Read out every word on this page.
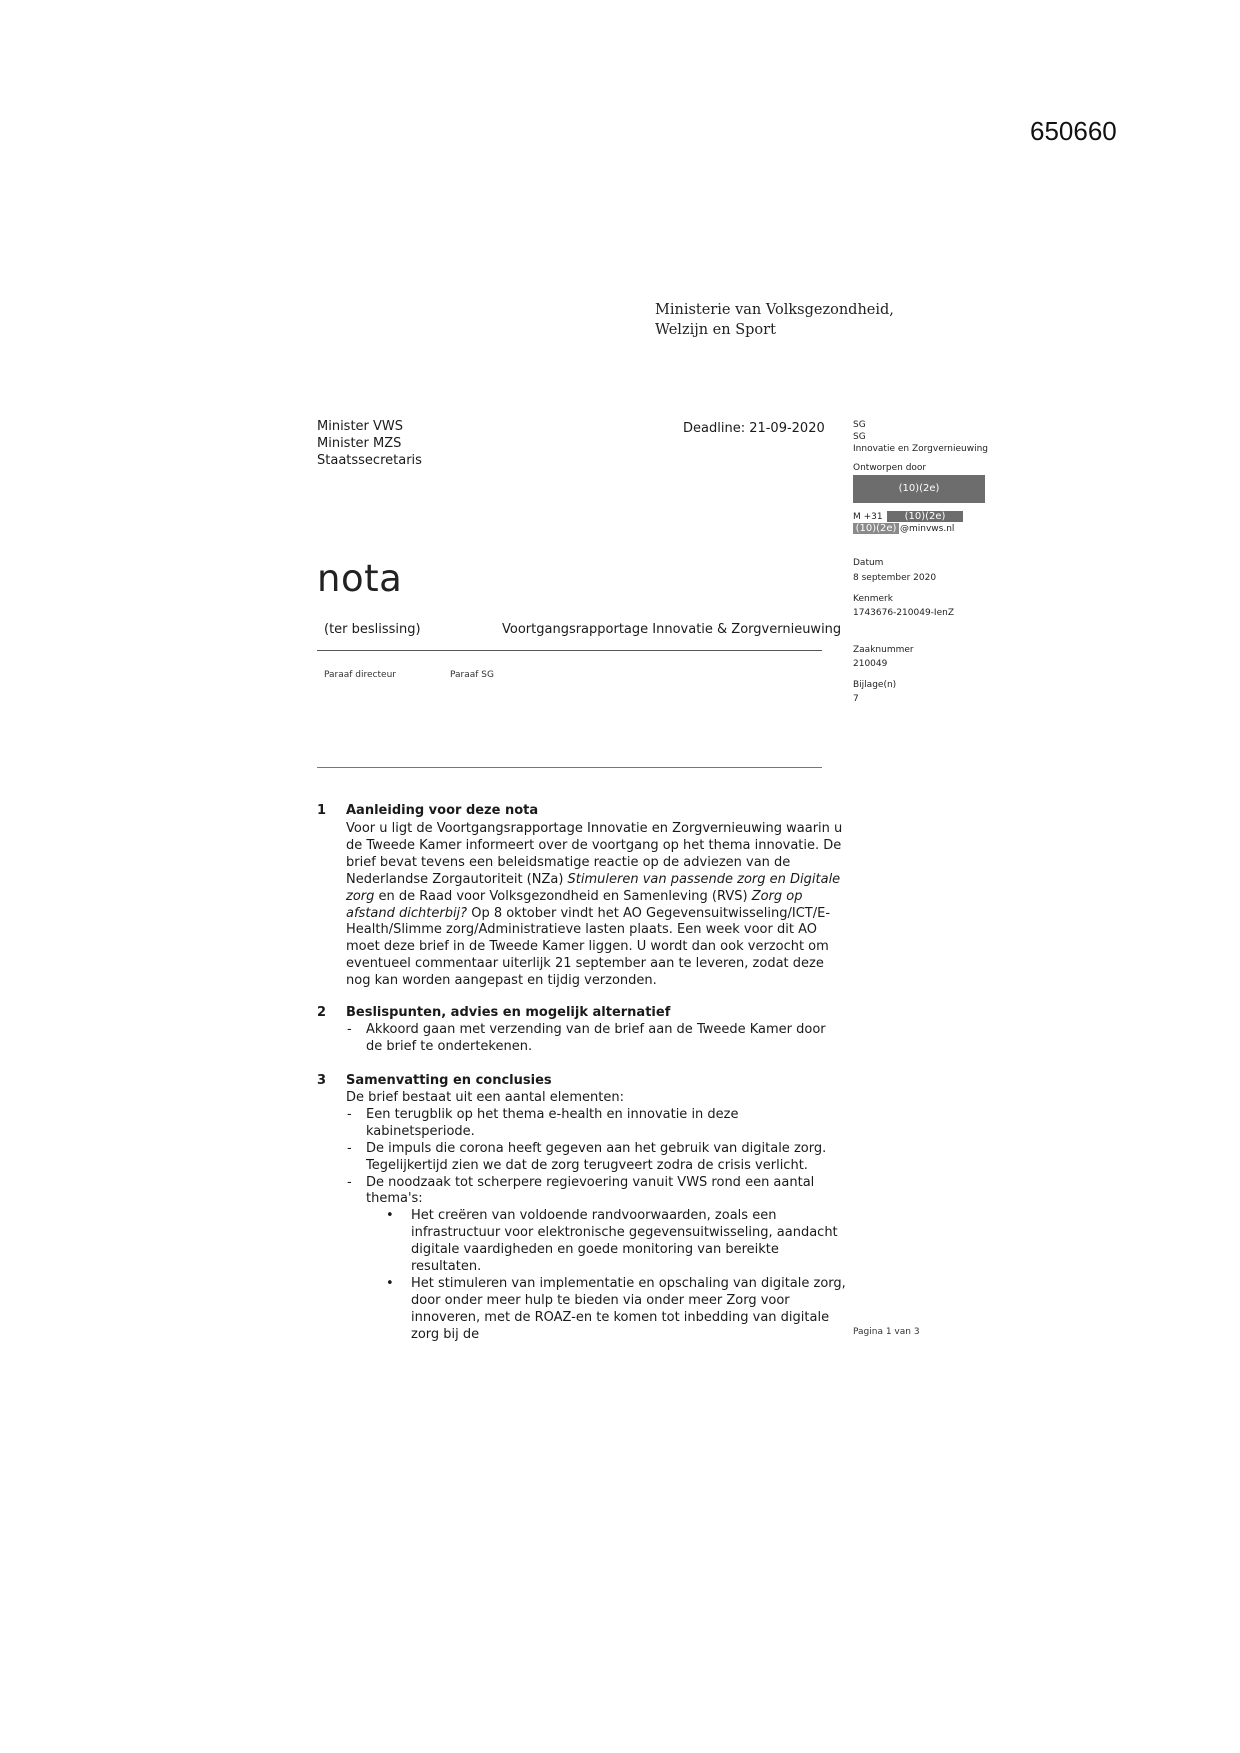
650660
Ministerie van Volksgezondheid,
Welzijn en Sport
Minister VWS
Minister MZS
Staatssecretaris
Deadline: 21-09-2020	SG
SG
Innovatie en Zorgvernieuwing
Ontworpen door
(10)(2e)
M +31	(10)(2e)
(10)(2e) @minvws.nl
Datum
8 september 2020
Kenmerk
1743676-210049-IenZ
Zaaknummer
210049
Bijlage(n)
7
nota
(ter beslissing)	Voortgangsrapportage Innovatie & Zorgvernieuwing
Paraaf directeur	Paraaf SG
1 Aanleiding voor deze nota

Voor u ligt de Voortgangsrapportage Innovatie en Zorgvernieuwing waarin u de Tweede Kamer informeert over de voortgang op het thema innovatie. De brief bevat tevens een beleidsmatige reactie op de adviezen van de Nederlandse Zorgautoriteit (NZa) Stimuleren van passende zorg en Digitale zorg en de Raad voor Volksgezondheid en Samenleving (RVS) Zorg op afstand dichterbij? Op 8 oktober vindt het AO Gegevensuitwisseling/ICT/E-Health/Slimme zorg/Administratieve lasten plaats. Een week voor dit AO moet deze brief in de Tweede Kamer liggen. U wordt dan ook verzocht om eventueel commentaar uiterlijk 21 september aan te leveren, zodat deze nog kan worden aangepast en tijdig verzonden.

2 Beslispunten, advies en mogelijk alternatief
- Akkoord gaan met verzending van de brief aan de Tweede Kamer door de brief te ondertekenen.
3 Samenvatting en conclusies

De brief bestaat uit een aantal elementen:

- Een terugblik op het thema e-health en innovatie in deze kabinetsperiode.
- De impuls die corona heeft gegeven aan het gebruik van digitale zorg. Tegelijkertijd zien we dat de zorg terugveert zodra de crisis verlicht.
- De noodzaak tot scherpere regievoering vanuit VWS rond een aantal thema's:
• Het creëren van voldoende randvoorwaarden, zoals een infrastructuur voor elektronische gegevensuitwisseling, aandacht digitale vaardigheden en goede monitoring van bereikte resultaten.
• Het stimuleren van implementatie en opschaling van digitale zorg, door onder meer hulp te bieden via onder meer Zorg voor innoveren, met de ROAZ-en te komen tot inbedding van digitale zorg bij de	Pagina 1 van 3
